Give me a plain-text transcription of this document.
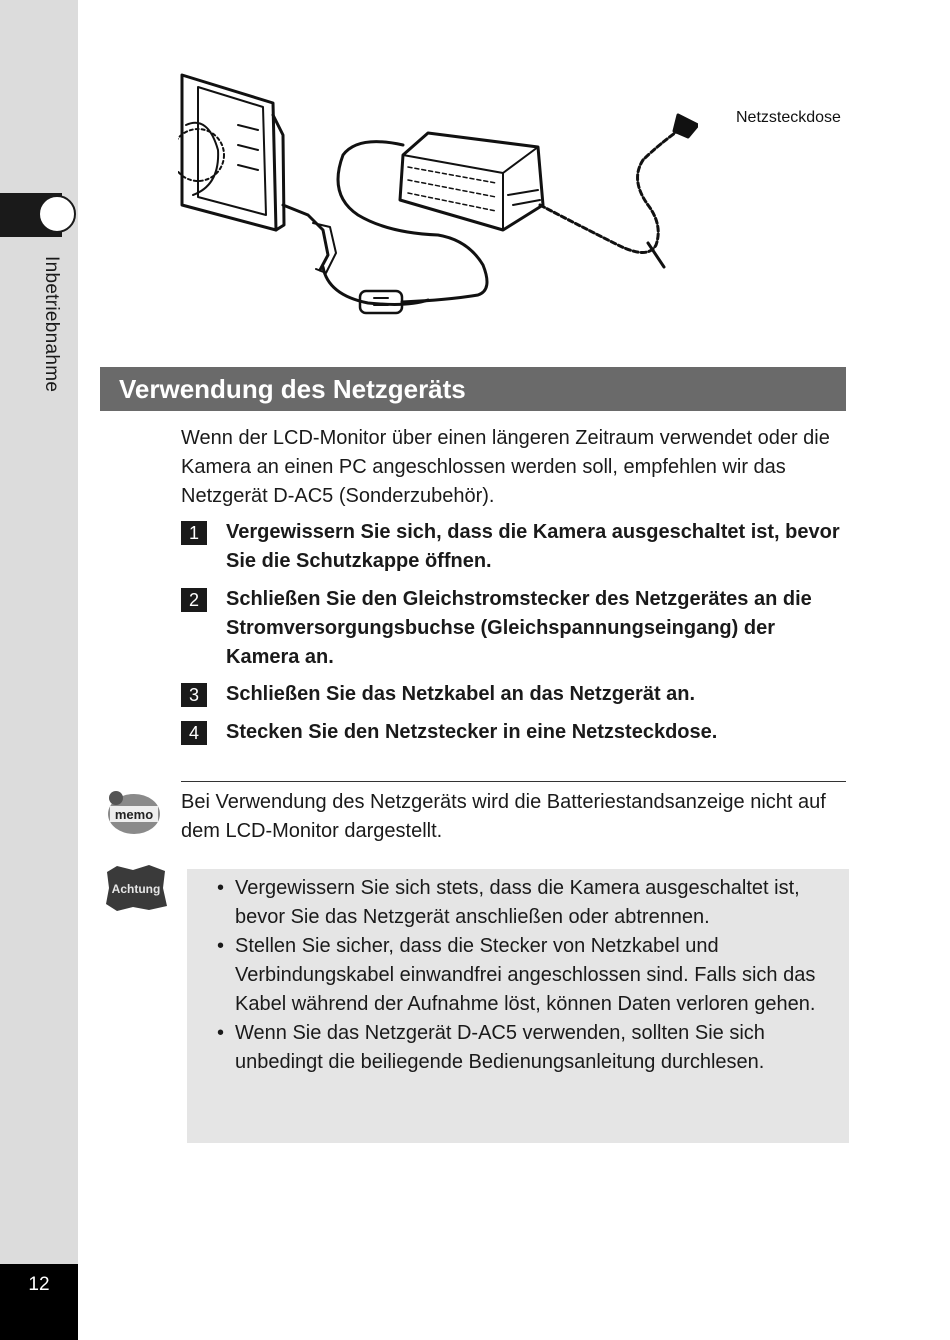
Inbetriebnahme
12
Netzsteckdose
Verwendung des Netzgeräts
Wenn der LCD-Monitor über einen längeren Zeitraum verwendet oder die Kamera an einen PC angeschlossen werden soll, empfehlen wir das Netzgerät D-AC5 (Sonderzubehör).
1	Vergewissern Sie sich, dass die Kamera ausgeschaltet ist, bevor Sie die Schutzkappe öffnen.
2	Schließen Sie den Gleichstromstecker des Netzgerätes an die Stromversorgungsbuchse (Gleichspannungseingang) der Kamera an.
3	Schließen Sie das Netzkabel an das Netzgerät an.
4	Stecken Sie den Netzstecker in eine Netzsteckdose.
memo
Bei Verwendung des Netzgeräts wird die Batteriestandsanzeige nicht auf dem LCD-Monitor dargestellt.
Achtung
•	Vergewissern Sie sich stets, dass die Kamera ausgeschaltet ist, bevor Sie das Netzgerät anschließen oder abtrennen.
• Stellen Sie sicher, dass die Stecker von Netzkabel und Verbindungskabel einwandfrei angeschlossen sind. Falls sich das Kabel während der Aufnahme löst, können Daten verloren gehen.
• Wenn Sie das Netzgerät D-AC5 verwenden, sollten Sie sich unbedingt die beiliegende Bedienungsanleitung durchlesen.
